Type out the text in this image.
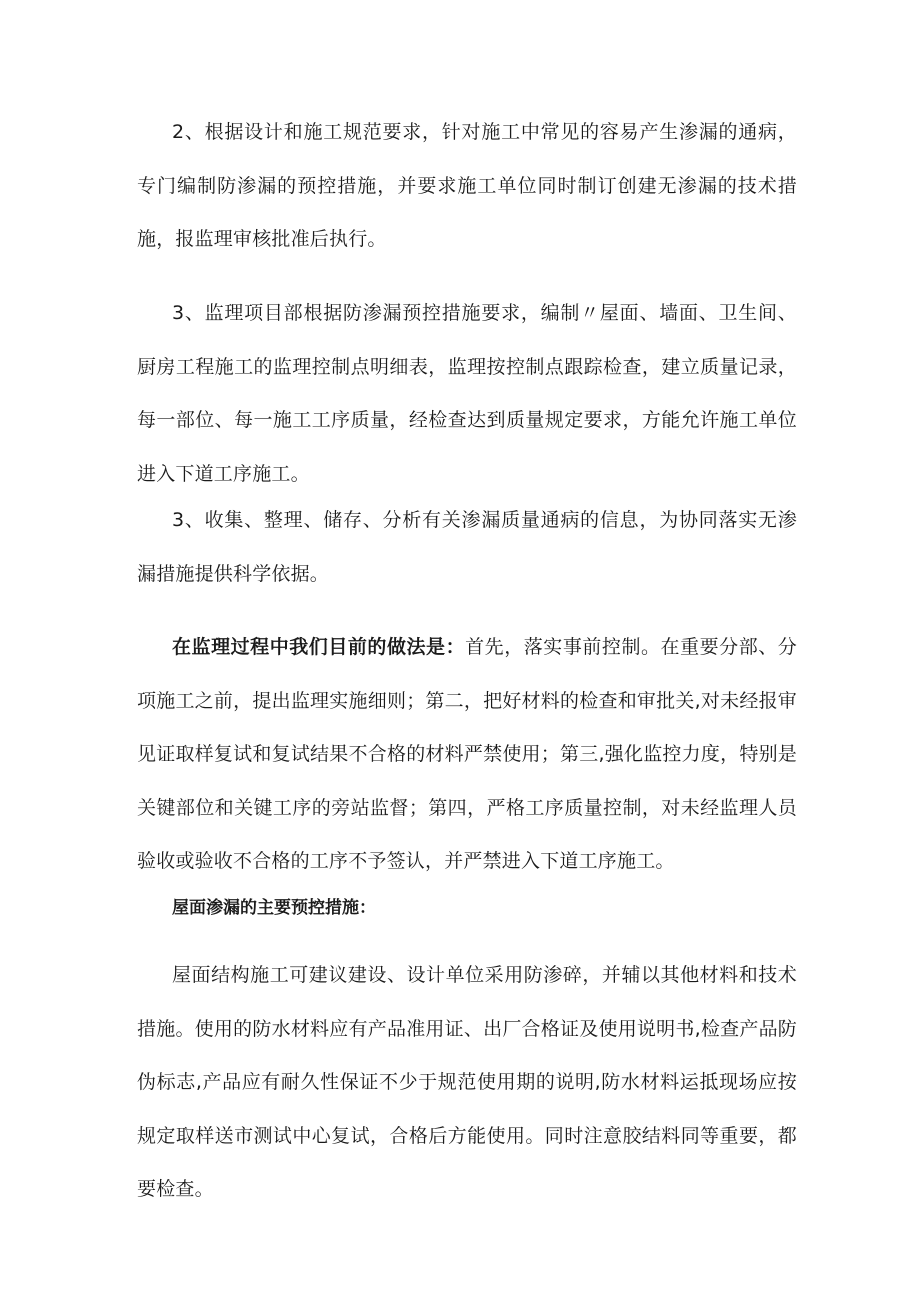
2、根据设计和施工规范要求，针对施工中常见的容易产生渗漏的通病，专门编制防渗漏的预控措施，并要求施工单位同时制订创建无渗漏的技术措施，报监理审核批准后执行。

3、监理项目部根据防渗漏预控措施要求，编制〃屋面、墙面、卫生间、厨房工程施工的监理控制点明细表，监理按控制点跟踪检查，建立质量记录，每一部位、每一施工工序质量，经检查达到质量规定要求，方能允许施工单位进入下道工序施工。

3、收集、整理、储存、分析有关渗漏质量通病的信息，为协同落实无渗漏措施提供科学依据。

在监理过程中我们目前的做法是：首先，落实事前控制。在重要分部、分项施工之前，提出监理实施细则；第二，把好材料的检查和审批关,对未经报审见证取样复试和复试结果不合格的材料严禁使用；第三,强化监控力度，特别是关键部位和关键工序的旁站监督；第四，严格工序质量控制，对未经监理人员验收或验收不合格的工序不予签认，并严禁进入下道工序施工。

屋面渗漏的主要预控措施：

屋面结构施工可建议建设、设计单位采用防渗碎，并辅以其他材料和技术措施。使用的防水材料应有产品准用证、出厂合格证及使用说明书,检查产品防伪标志,产品应有耐久性保证不少于规范使用期的说明,防水材料运抵现场应按规定取样送市测试中心复试，合格后方能使用。同时注意胶结料同等重要，都要检查。
